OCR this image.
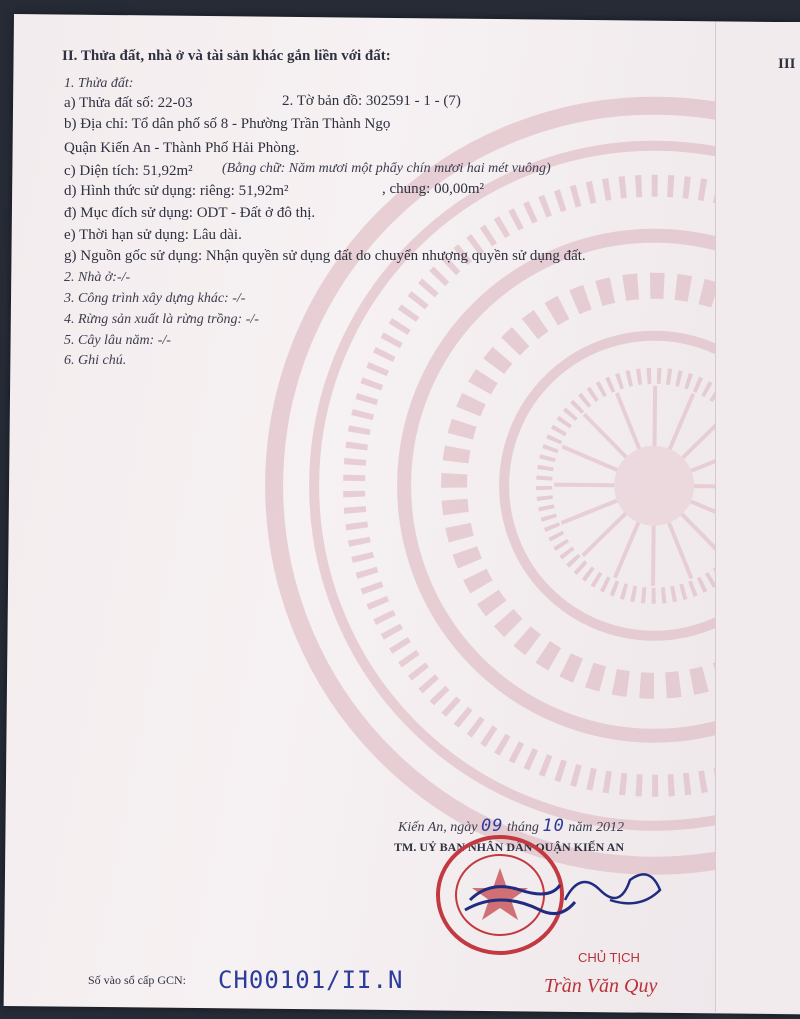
III
II. Thửa đất, nhà ở và tài sản khác gắn liền với đất:
1. Thửa đất:
a) Thửa đất số: 22-03	2. Tờ bản đồ: 302591 - 1 - (7)
b) Địa chỉ: Tổ dân phố số 8 - Phường Trần Thành Ngọ
Quận Kiến An - Thành Phố Hải Phòng.
c) Diện tích: 51,92m² (Bằng chữ: Năm mươi một phẩy chín mươi hai mét vuông)
d) Hình thức sử dụng: riêng: 51,92m²	, chung: 00,00m²
đ) Mục đích sử dụng: ODT - Đất ở đô thị.
e) Thời hạn sử dụng: Lâu dài.
g) Nguồn gốc sử dụng: Nhận quyền sử dụng đất do chuyển nhượng quyền sử dụng đất.
2. Nhà ở:-/-
3. Công trình xây dựng khác: -/-
4. Rừng sản xuất là rừng trồng: -/-
5. Cây lâu năm: -/-
6. Ghi chú.
Kiến An, ngày 09 tháng 10 năm 2012
TM. UỶ BAN NHÂN DÂN QUẬN KIẾN AN
CHỦ TỊCH
Trần Văn Quy
Số vào sổ cấp GCN: CH00101/II.N
